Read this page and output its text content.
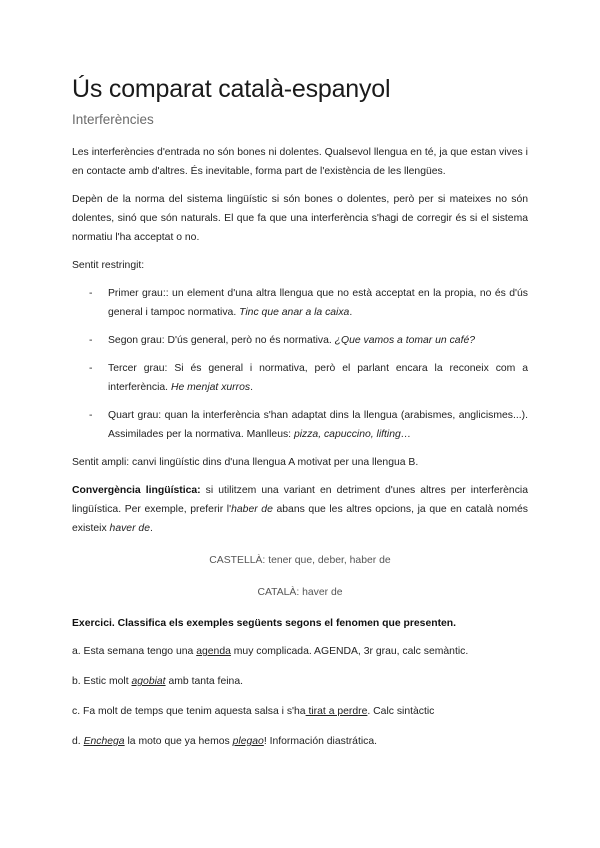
Ús comparat català-espanyol
Interferències

Les interferències d'entrada no són bones ni dolentes. Qualsevol llengua en té, ja que estan vives i en contacte amb d'altres. És inevitable, forma part de l'existència de les llengües.

Depèn de la norma del sistema lingüístic si són bones o dolentes, però per si mateixes no són dolentes, sinó que són naturals. El que fa que una interferència s'hagi de corregir és si el sistema normatiu l'ha acceptat o no.

Sentit restringit:

- Primer grau:: un element d'una altra llengua que no està acceptat en la propia, no és d'ús general i tampoc normativa. Tinc que anar a la caixa.
- Segon grau: D'ús general, però no és normativa. ¿Que vamos a tomar un café?
- Tercer grau: Si és general i normativa, però el parlant encara la reconeix com a interferència. He menjat xurros.
- Quart grau: quan la interferència s'han adaptat dins la llengua (arabismes, anglicismes...). Assimilades per la normativa. Manlleus: pizza, capuccino, lifting…

Sentit ampli: canvi lingüístic dins d'una llengua A motivat per una llengua B.

Convergència lingüística: si utilitzem una variant en detriment d'unes altres per interferència lingüística. Per exemple, preferir l'haber de abans que les altres opcions, ja que en català només existeix haver de.

CASTELLÀ: tener que, deber, haber de
CATALÀ: haver de

Exercici. Classifica els exemples següents segons el fenomen que presenten.

a. Esta semana tengo una agenda muy complicada. AGENDA, 3r grau, calc semàntic.
b. Estic molt agobiat amb tanta feina.
c. Fa molt de temps que tenim aquesta salsa i s'ha tirat a perdre. Calc sintàctic
d. Enchega la moto que ya hemos plegao! Información diastrática.
